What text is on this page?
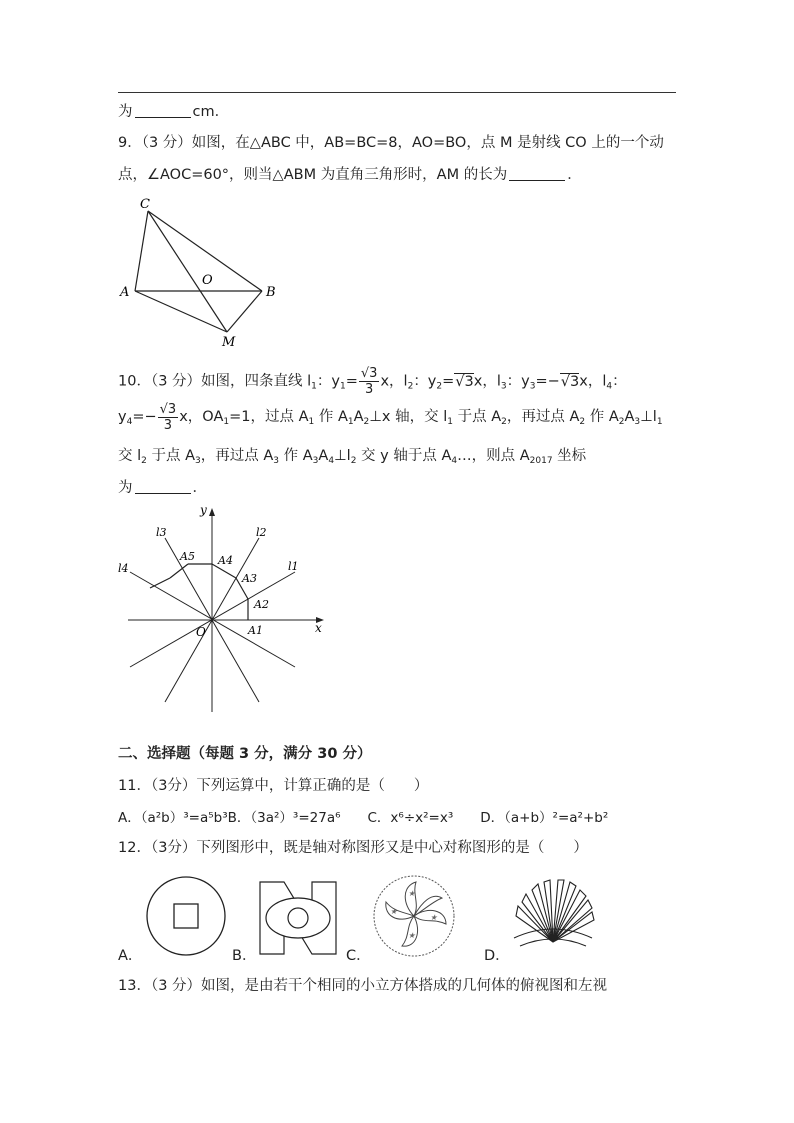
为	cm．
9．（3 分）如图，在△ABC 中，AB=BC=8，AO=BO，点 M 是射线 CO 上的一个动
点，∠AOC=60°，则当△ABM 为直角三角形时，AM 的长为	．
C
A
O
B
M
10．（3 分）如图，四条直线 $l_1$：$y_1= \frac{√3}{3}$ x，$l_2$：$y_2=√3x$，$l_3$：$y_3=-√3x$，$l_4$：
$y_4=- \frac{√3}{3}$ x，$OA_1=1$，过点 $A_1$ 作 $A_1A_2\perp x$ 轴，交 $l_1$ 于点 $A_2$，再过点 $A_2$ 作 $A_2A_3\perp l_1$
交 $l_2$ 于点 $A_3$，再过点 $A_3$ 作 $A_3A_4\perp l_2$ 交 y 轴于点 $A_4\dots$，则点 $A_{2017}$ 坐标
为	．
y
x
O
l1
l2
l3
l4
A1
A2
A3
A4
A5
二、选择题（每题 3 分，满分 30 分）
11．（3分）下列运算中，计算正确的是（　　）
A．（a²b）³=a⁵b³B．（3a²）³=27a⁶　　C．x⁶÷x²=x³　　D．（a+b）²=a²+b²
12．（3分）下列图形中，既是轴对称图形又是中心对称图形的是（　　）
A．	B．
★
★
★
★
C．	D．
13．（3 分）如图，是由若干个相同的小立方体搭成的几何体的俯视图和左视
